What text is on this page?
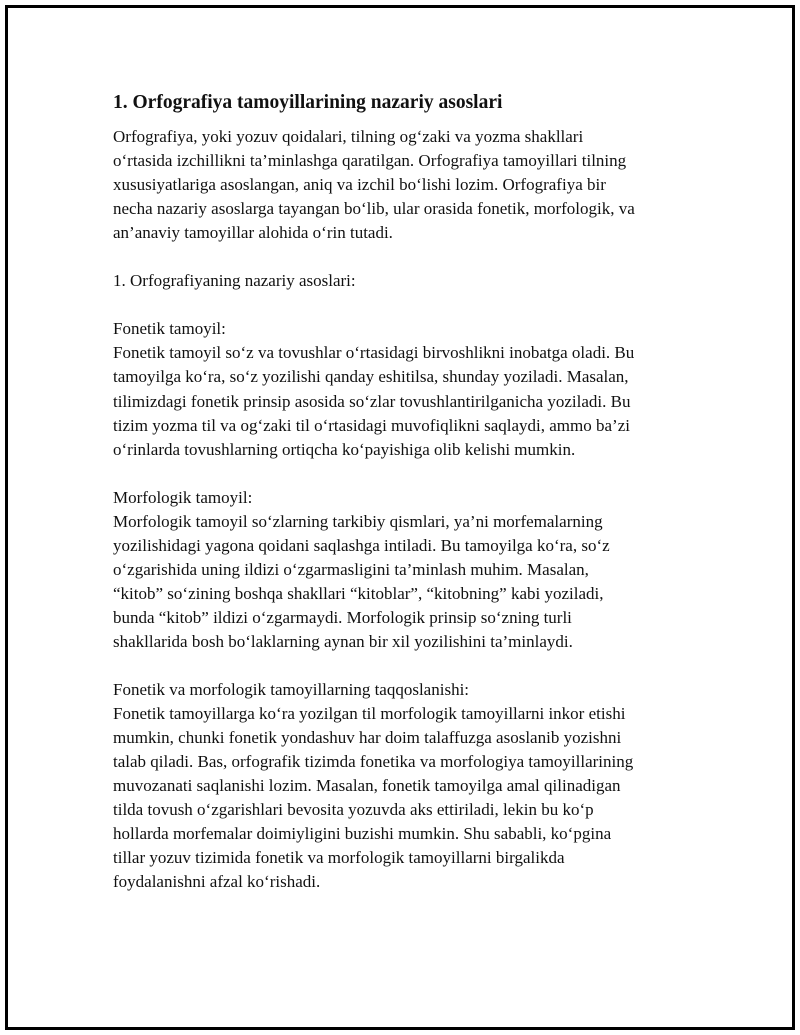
1. Orfografiya tamoyillarining nazariy asoslari
Orfografiya, yoki yozuv qoidalari, tilning og‘zaki va yozma shakllari
o‘rtasida izchillikni ta’minlashga qaratilgan. Orfografiya tamoyillari tilning
xususiyatlariga asoslangan, aniq va izchil bo‘lishi lozim. Orfografiya bir
necha nazariy asoslarga tayangan bo‘lib, ular orasida fonetik, morfologik, va
an’anaviy tamoyillar alohida o‘rin tutadi.
1. Orfografiyaning nazariy asoslari:
Fonetik tamoyil:
Fonetik tamoyil so‘z va tovushlar o‘rtasidagi birvoshlikni inobatga oladi. Bu
tamoyilga ko‘ra, so‘z yozilishi qanday eshitilsa, shunday yoziladi. Masalan,
tilimizdagi fonetik prinsip asosida so‘zlar tovushlantirilganicha yoziladi. Bu
tizim yozma til va og‘zaki til o‘rtasidagi muvofiqlikni saqlaydi, ammo ba’zi
o‘rinlarda tovushlarning ortiqcha ko‘payishiga olib kelishi mumkin.
Morfologik tamoyil:
Morfologik tamoyil so‘zlarning tarkibiy qismlari, ya’ni morfemalarning
yozilishidagi yagona qoidani saqlashga intiladi. Bu tamoyilga ko‘ra, so‘z
o‘zgarishida uning ildizi o‘zgarmasligini ta’minlash muhim. Masalan,
“kitob” so‘zining boshqa shakllari “kitoblar”, “kitobning” kabi yoziladi,
bunda “kitob” ildizi o‘zgarmaydi. Morfologik prinsip so‘zning turli
shakllarida bosh bo‘laklarning aynan bir xil yozilishini ta’minlaydi.
Fonetik va morfologik tamoyillarning taqqoslanishi:
Fonetik tamoyillarga ko‘ra yozilgan til morfologik tamoyillarni inkor etishi
mumkin, chunki fonetik yondashuv har doim talaffuzga asoslanib yozishni
talab qiladi. Bas, orfografik tizimda fonetika va morfologiya tamoyillarining
muvozanati saqlanishi lozim. Masalan, fonetik tamoyilga amal qilinadigan
tilda tovush o‘zgarishlari bevosita yozuvda aks ettiriladi, lekin bu ko‘p
hollarda morfemalar doimiyligini buzishi mumkin. Shu sababli, ko‘pgina
tillar yozuv tizimida fonetik va morfologik tamoyillarni birgalikda
foydalanishni afzal ko‘rishadi.
